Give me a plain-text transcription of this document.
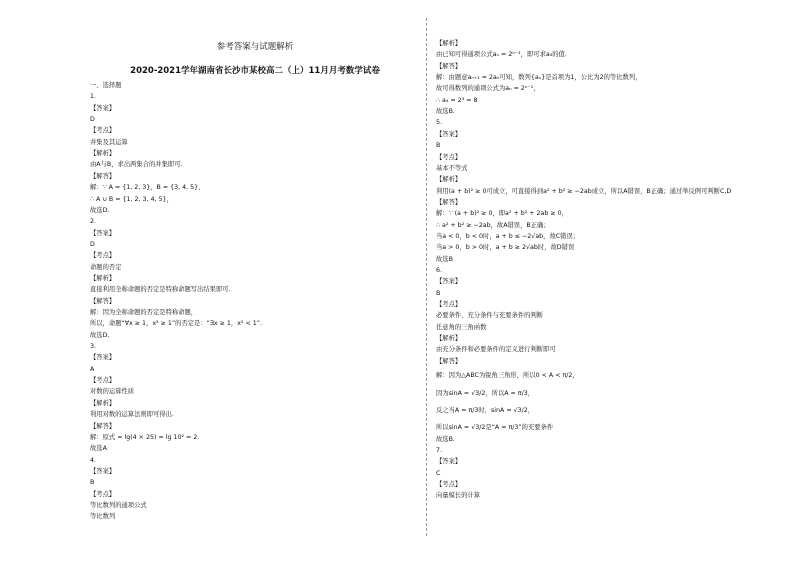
参考答案与试题解析
2020-2021学年湖南省长沙市某校高二（上）11月月考数学试卷
一、选择题
1.
【答案】
D
【考点】
并集及其运算
【解析】
由A与B，求出两集合的并集即可.
【解答】
解：∵ A = {1, 2, 3}，B = {3, 4, 5}，
∴ A ∪ B = {1, 2, 3, 4, 5}，
故选D.
2.
【答案】
D
【考点】
命题的否定
【解析】
直接利用全称命题的否定是特称命题写出结果即可.
【解答】
解：因为全称命题的否定是特称命题，
所以，命题“∀x ≥ 1，x² ≥ 1”的否定是：“∃x ≥ 1，x² < 1”.
故选D.
3.
【答案】
A
【考点】
对数的运算性质
【解析】
利用对数的运算法则即可得出.
【解答】
解：原式 = lg(4 × 25) = lg 10² = 2.
故选A
4.
【答案】
B
【考点】
等比数列的通项公式
等比数列
【解析】
由已知可得通项公式aₙ = 2ⁿ⁻¹，即可求a₄的值.
【解答】
解：由题意aₙ₊₁ = 2aₙ可知，数列{aₙ}是首项为1，公比为2的等比数列，
故可得数列的通项公式为aₙ = 2ⁿ⁻¹，
∴ a₄ = 2³ = 8
故选B.
5.
【答案】
B
【考点】
基本不等式
【解析】
利用(a + b)² ≥ 0可成立，可直接得到a² + b² ≥ −2ab成立，所以A错误，B正确；通过举反例可判断C,D
【解答】
解：∵ (a + b)² ≥ 0，即a² + b² + 2ab ≥ 0，
∴ a² + b² ≥ −2ab，故A错误，B正确；
当a < 0，b < 0时，a + b ≤ −2√ab，故C错误；
当a > 0，b > 0时，a + b ≥ 2√ab时，故D错误
故选B
6.
【答案】
B
【考点】
必要条件、充分条件与充要条件的判断
任意角的三角函数
【解析】
由充分条件和必要条件的定义进行判断即可
【解答】
解：因为△ABC为锐角三角形，所以0 < A < π/2，
因为sinA = √3/2，所以A = π/3，
反之当A = π/3时，sinA = √3/2，
所以sinA = √3/2是“A = π/3”的充要条件
故选B.
7.
【答案】
C
【考点】
向量模长的计算
